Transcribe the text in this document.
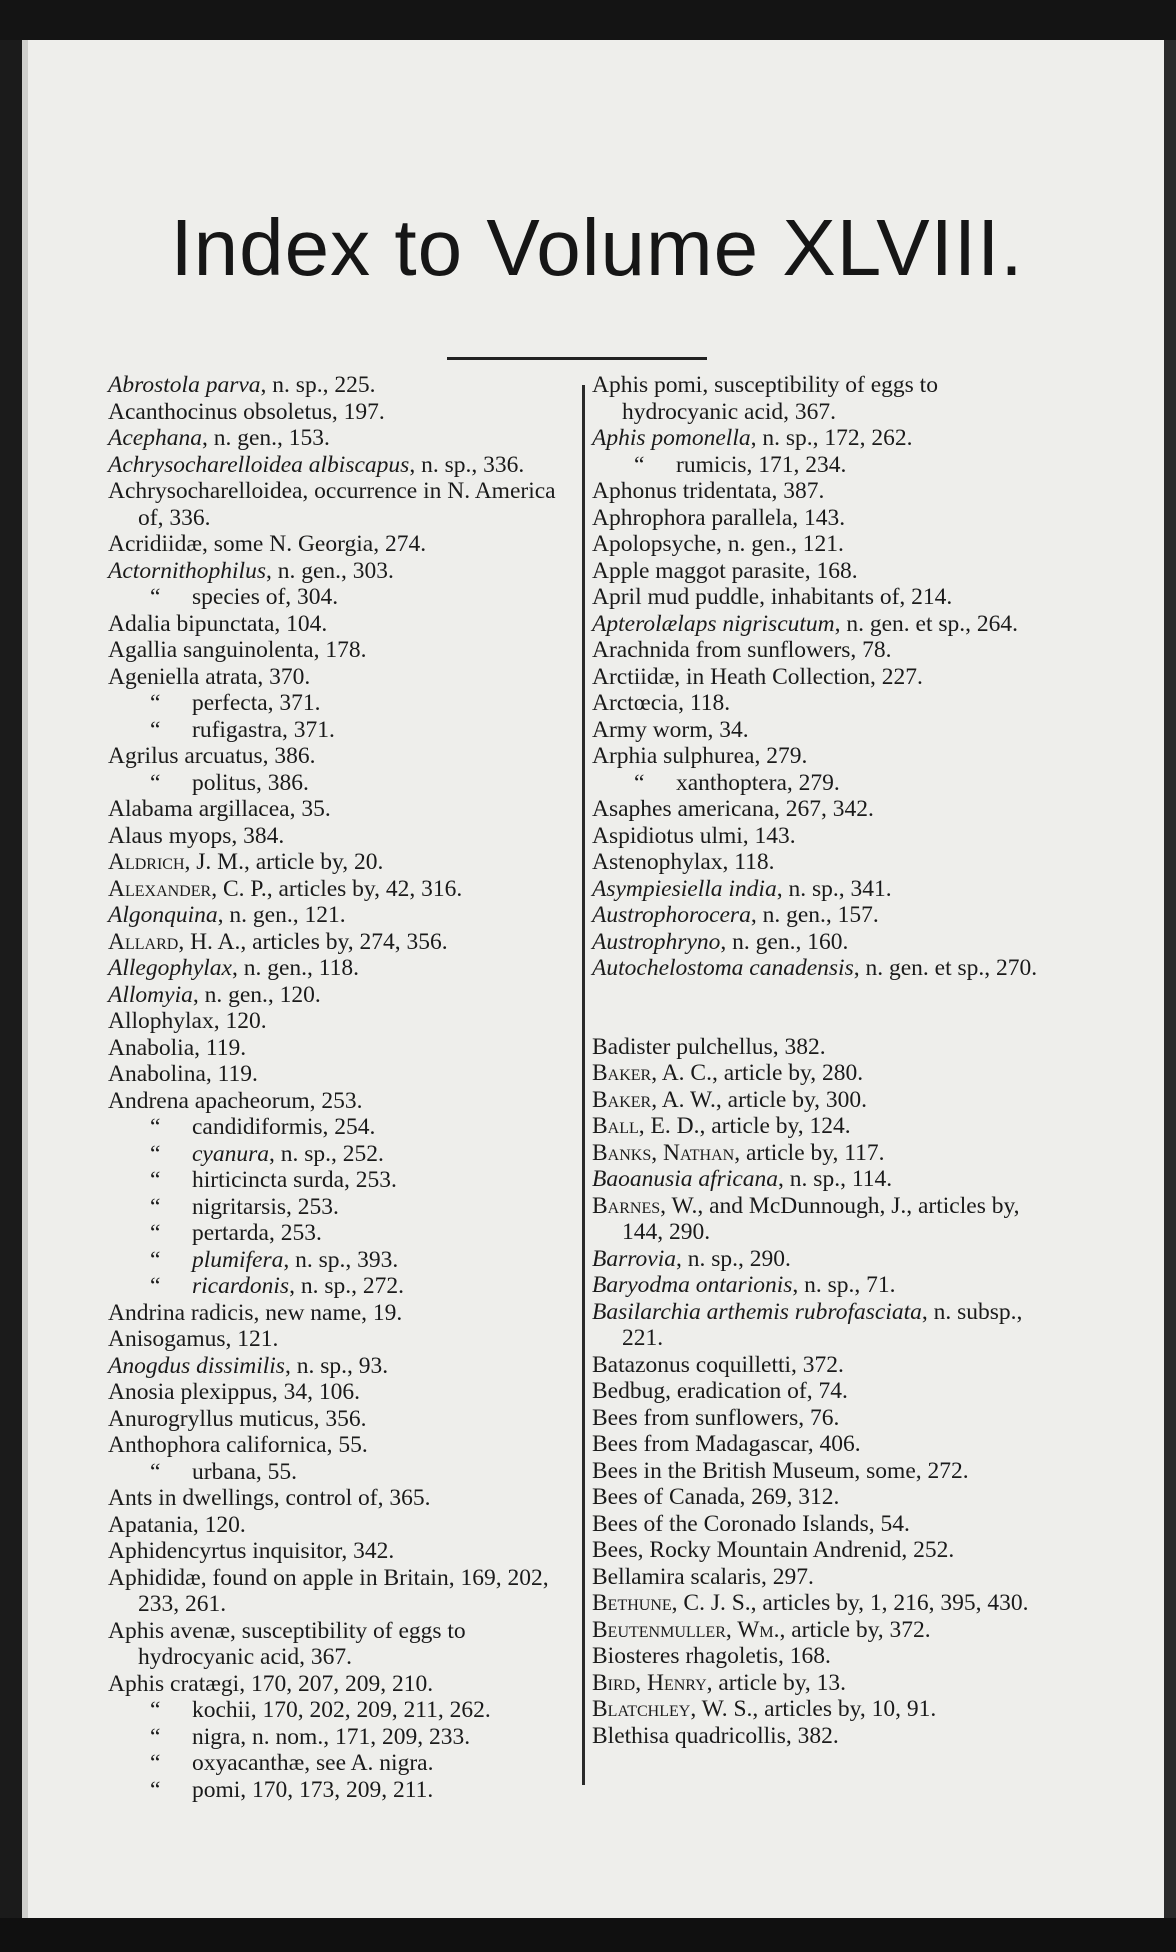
Index to Volume XLVIII.

Abrostola parva, n. sp., 225.

Acanthocinus obsoletus, 197.

Acephana, n. gen., 153.

Achrysocharelloidea albiscapus, n. sp., 336.

Achrysocharelloidea, occurrence in N. America of, 336.

Acridiidæ, some N. Georgia, 274.

Actornithophilus, n. gen., 303.

“ species of, 304.

Adalia bipunctata, 104.

Agallia sanguinolenta, 178.

Ageniella atrata, 370.

“ perfecta, 371.

“ rufigastra, 371.

Agrilus arcuatus, 386.

“ politus, 386.

Alabama argillacea, 35.

Alaus myops, 384.

Aldrich, J. M., article by, 20.

Alexander, C. P., articles by, 42, 316.

Algonquina, n. gen., 121.

Allard, H. A., articles by, 274, 356.

Allegophylax, n. gen., 118.

Allomyia, n. gen., 120.

Allophylax, 120.

Anabolia, 119.

Anabolina, 119.

Andrena apacheorum, 253.

“ candidiformis, 254.

“ cyanura, n. sp., 252.

“ hirticincta surda, 253.

“ nigritarsis, 253.

“ pertarda, 253.

“ plumifera, n. sp., 393.

“ ricardonis, n. sp., 272.

Andrina radicis, new name, 19.

Anisogamus, 121.

Anogdus dissimilis, n. sp., 93.

Anosia plexippus, 34, 106.

Anurogryllus muticus, 356.

Anthophora californica, 55.

“ urbana, 55.

Ants in dwellings, control of, 365.

Apatania, 120.

Aphidencyrtus inquisitor, 342.

Aphididæ, found on apple in Britain, 169, 202, 233, 261.

Aphis avenæ, susceptibility of eggs to hydrocyanic acid, 367.

Aphis cratægi, 170, 207, 209, 210.

“ kochii, 170, 202, 209, 211, 262.

“ nigra, n. nom., 171, 209, 233.

“ oxyacanthæ, see A. nigra.

“ pomi, 170, 173, 209, 211.

Aphis pomi, susceptibility of eggs to hydrocyanic acid, 367.

Aphis pomonella, n. sp., 172, 262.

“ rumicis, 171, 234.

Aphonus tridentata, 387.

Aphrophora parallela, 143.

Apolopsyche, n. gen., 121.

Apple maggot parasite, 168.

April mud puddle, inhabitants of, 214.

Apterolælaps nigriscutum, n. gen. et sp., 264.

Arachnida from sunflowers, 78.

Arctiidæ, in Heath Collection, 227.

Arctœcia, 118.

Army worm, 34.

Arphia sulphurea, 279.

“ xanthoptera, 279.

Asaphes americana, 267, 342.

Aspidiotus ulmi, 143.

Astenophylax, 118.

Asympiesiella india, n. sp., 341.

Austrophorocera, n. gen., 157.

Austrophryno, n. gen., 160.

Autochelostoma canadensis, n. gen. et sp., 270.

Badister pulchellus, 382.

Baker, A. C., article by, 280.

Baker, A. W., article by, 300.

Ball, E. D., article by, 124.

Banks, Nathan, article by, 117.

Baoanusia africana, n. sp., 114.

Barnes, W., and McDunnough, J., articles by, 144, 290.

Barrovia, n. sp., 290.

Baryodma ontarionis, n. sp., 71.

Basilarchia arthemis rubrofasciata, n. subsp., 221.

Batazonus coquilletti, 372.

Bedbug, eradication of, 74.

Bees from sunflowers, 76.

Bees from Madagascar, 406.

Bees in the British Museum, some, 272.

Bees of Canada, 269, 312.

Bees of the Coronado Islands, 54.

Bees, Rocky Mountain Andrenid, 252.

Bellamira scalaris, 297.

Bethune, C. J. S., articles by, 1, 216, 395, 430.

Beutenmuller, Wm., article by, 372.

Biosteres rhagoletis, 168.

Bird, Henry, article by, 13.

Blatchley, W. S., articles by, 10, 91.

Blethisa quadricollis, 382.
